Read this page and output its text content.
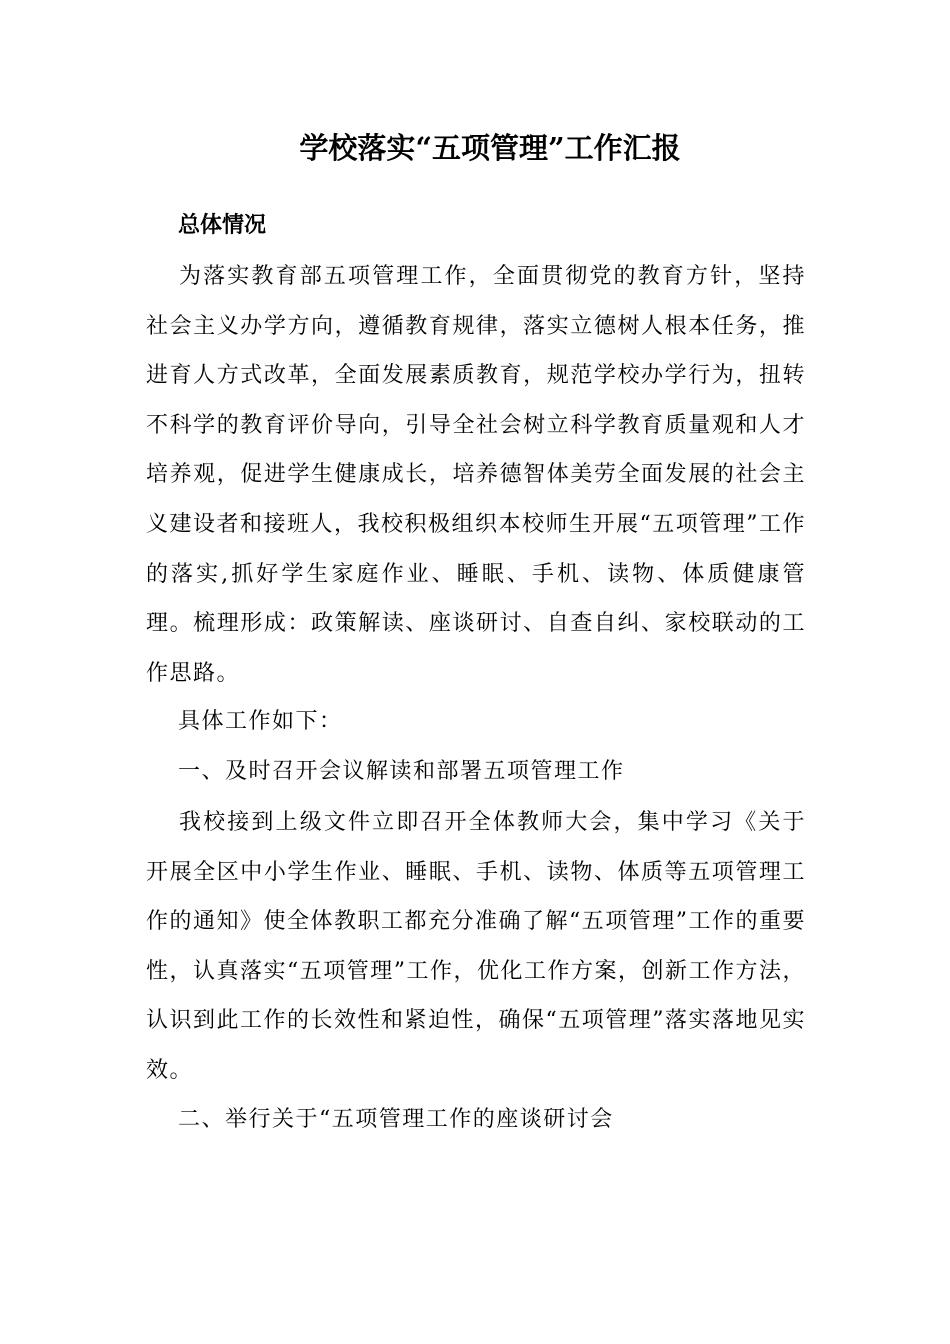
学校落实“五项管理”工作汇报
总体情况

为落实教育部五项管理工作，全面贯彻党的教育方针，坚持社会主义办学方向，遵循教育规律，落实立德树人根本任务，推进育人方式改革，全面发展素质教育，规范学校办学行为，扭转不科学的教育评价导向，引导全社会树立科学教育质量观和人才培养观，促进学生健康成长，培养德智体美劳全面发展的社会主义建设者和接班人，我校积极组织本校师生开展“五项管理”工作的落实,抓好学生家庭作业、睡眠、手机、读物、体质健康管理。梳理形成：政策解读、座谈研讨、自查自纠、家校联动的工作思路。

具体工作如下：

一、及时召开会议解读和部署五项管理工作

我校接到上级文件立即召开全体教师大会，集中学习《关于开展全区中小学生作业、睡眠、手机、读物、体质等五项管理工作的通知》使全体教职工都充分准确了解“五项管理”工作的重要性，认真落实“五项管理”工作，优化工作方案，创新工作方法，认识到此工作的长效性和紧迫性，确保“五项管理”落实落地见实效。

二、举行关于“五项管理工作的座谈研讨会
